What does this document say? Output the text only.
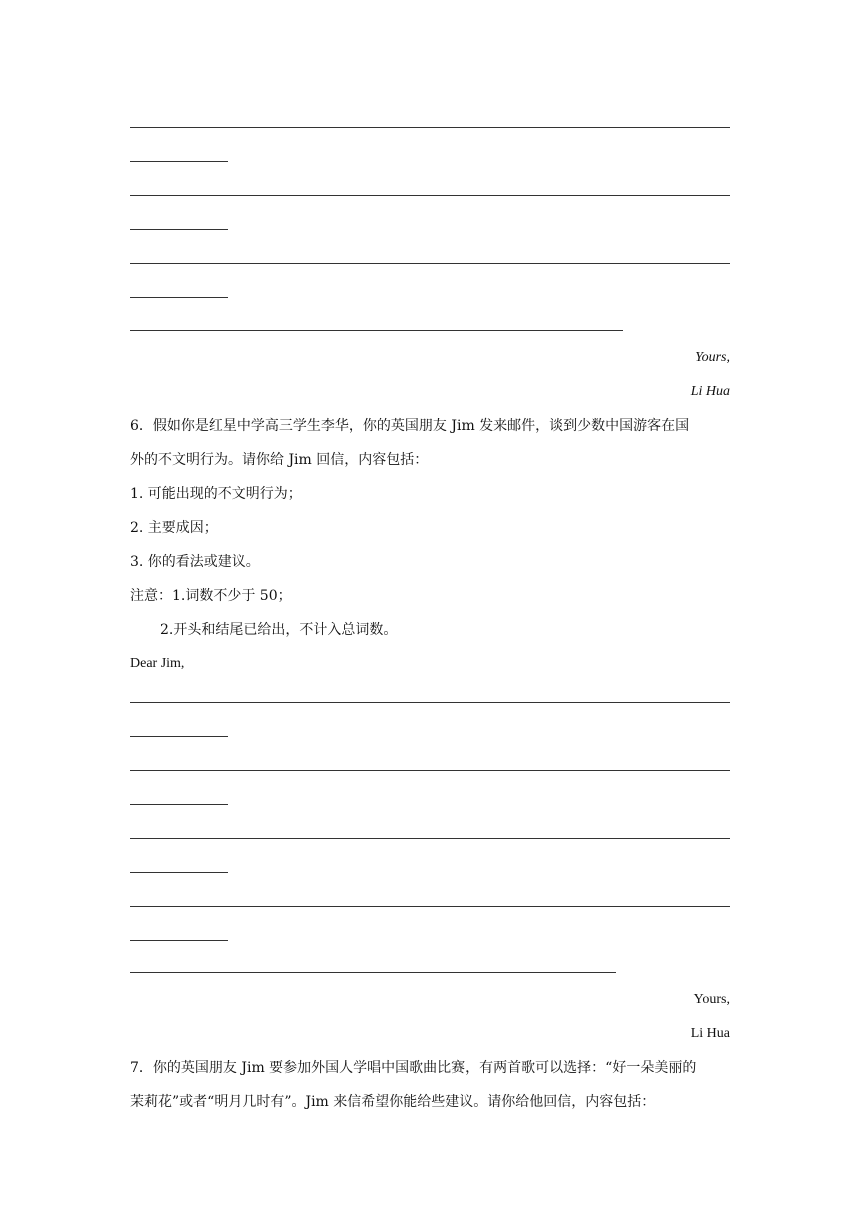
Yours,
Li Hua
6．假如你是红星中学高三学生李华，你的英国朋友 Jim 发来邮件，谈到少数中国游客在国
外的不文明行为。请你给 Jim 回信，内容包括：
1. 可能出现的不文明行为；
2. 主要成因；
3. 你的看法或建议。
注意：1.词数不少于 50；
2.开头和结尾已给出，不计入总词数。
Dear Jim,
Yours,
Li Hua
7．你的英国朋友 Jim 要参加外国人学唱中国歌曲比赛，有两首歌可以选择：“好一朵美丽的
茉莉花”或者“明月几时有”。Jim 来信希望你能给些建议。请你给他回信，内容包括：
